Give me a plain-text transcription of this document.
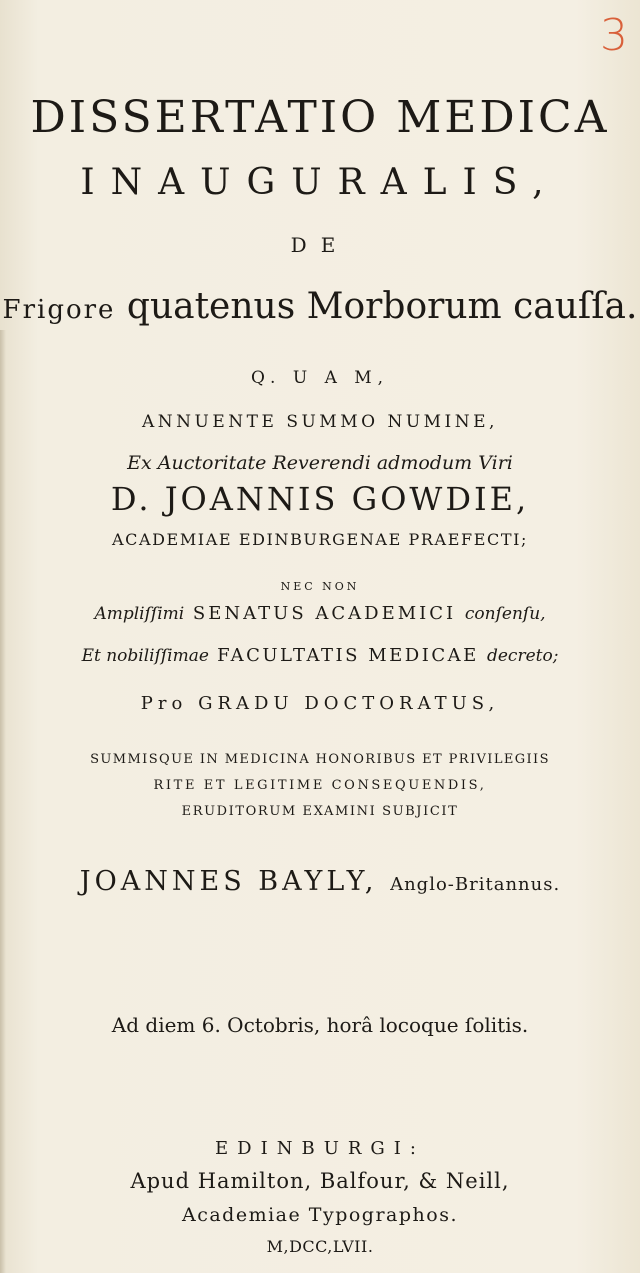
3
DISSERTATIO MEDICA
INAUGURALIS,
DE
Frigore quatenus Morborum cauſſa.
Q. U A M,
ANNUENTE SUMMO NUMINE,
Ex Auctoritate Reverendi admodum Viri
D. JOANNIS GOWDIE,
ACADEMIAE EDINBURGENAE PRAEFECTI;
NEC NON
Ampliſſimi SENATUS ACADEMICI conſenſu,
Et nobiliſſimae FACULTATIS MEDICAE decreto;
Pro GRADU DOCTORATUS,
SUMMISQUE IN MEDICINA HONORIBUS ET PRIVILEGIIS
RITE ET LEGITIME CONSEQUENDIS,
ERUDITORUM EXAMINI SUBJICIT
JOANNES BAYLY, Anglo-Britannus.
Ad diem 6. Octobris, horâ locoque ſolitis.
EDINBURGI:
Apud Hamilton, Balfour, & Neill,
Academiae Typographos.
M,DCC,LVII.
